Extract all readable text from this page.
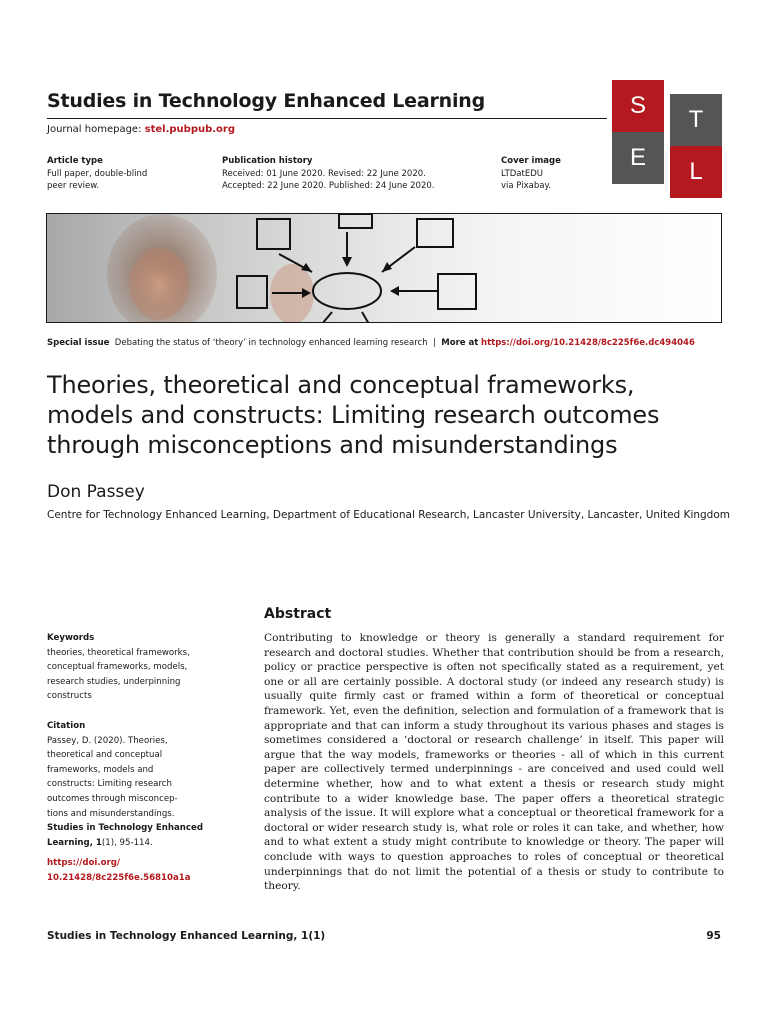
Studies in Technology Enhanced Learning
Journal homepage: stel.pubpub.org
Article type
Full paper, double-blind
peer review.
Publication history
Received: 01 June 2020. Revised: 22 June 2020.
Accepted: 22 June 2020. Published: 24 June 2020.
Cover image
LTDatEDU
via Pixabay.
S
T
E
L
Special issue Debating the status of ‘theory’ in technology enhanced learning research | More at https://doi.org/10.21428/8c225f6e.dc494046
Theories, theoretical and conceptual frameworks,
models and constructs: Limiting research outcomes
through misconceptions and misunderstandings
Don Passey
Centre for Technology Enhanced Learning, Department of Educational Research, Lancaster University, Lancaster, United Kingdom
Abstract

Contributing to knowledge or theory is generally a standard requirement for research and doctoral studies. Whether that contribution should be from a research, policy or practice perspective is often not specifically stated as a requirement, yet one or all are certainly possible. A doctoral study (or indeed any research study) is usually quite firmly cast or framed within a form of theoretical or conceptual framework. Yet, even the definition, selection and formulation of a framework that is appropriate and that can inform a study throughout its various phases and stages is sometimes considered a ‘doctoral or research challenge’ in itself. This paper will argue that the way models, frameworks or theories - all of which in this current paper are collectively termed underpinnings - are conceived and used could well determine whether, how and to what extent a thesis or research study might contribute to a wider knowledge base. The paper offers a theoretical strategic analysis of the issue. It will explore what a conceptual or theoretical framework for a doctoral or wider research study is, what role or roles it can take, and whether, how and to what extent a study might contribute to knowledge or theory. The paper will conclude with ways to question approaches to roles of conceptual or theoretical underpinnings that do not limit the potential of a thesis or study to contribute to theory.

Keywords
theories, theoretical frameworks,
conceptual frameworks, models,
research studies, underpinning
constructs
Citation
Passey, D. (2020). Theories,
theoretical and conceptual
frameworks, models and
constructs: Limiting research
outcomes through misconcep-
tions and misunderstandings.
Studies in Technology Enhanced
Learning, 1(1), 95-114.
https://doi.org/
10.21428/8c225f6e.56810a1a
Studies in Technology Enhanced Learning, 1(1)	95
